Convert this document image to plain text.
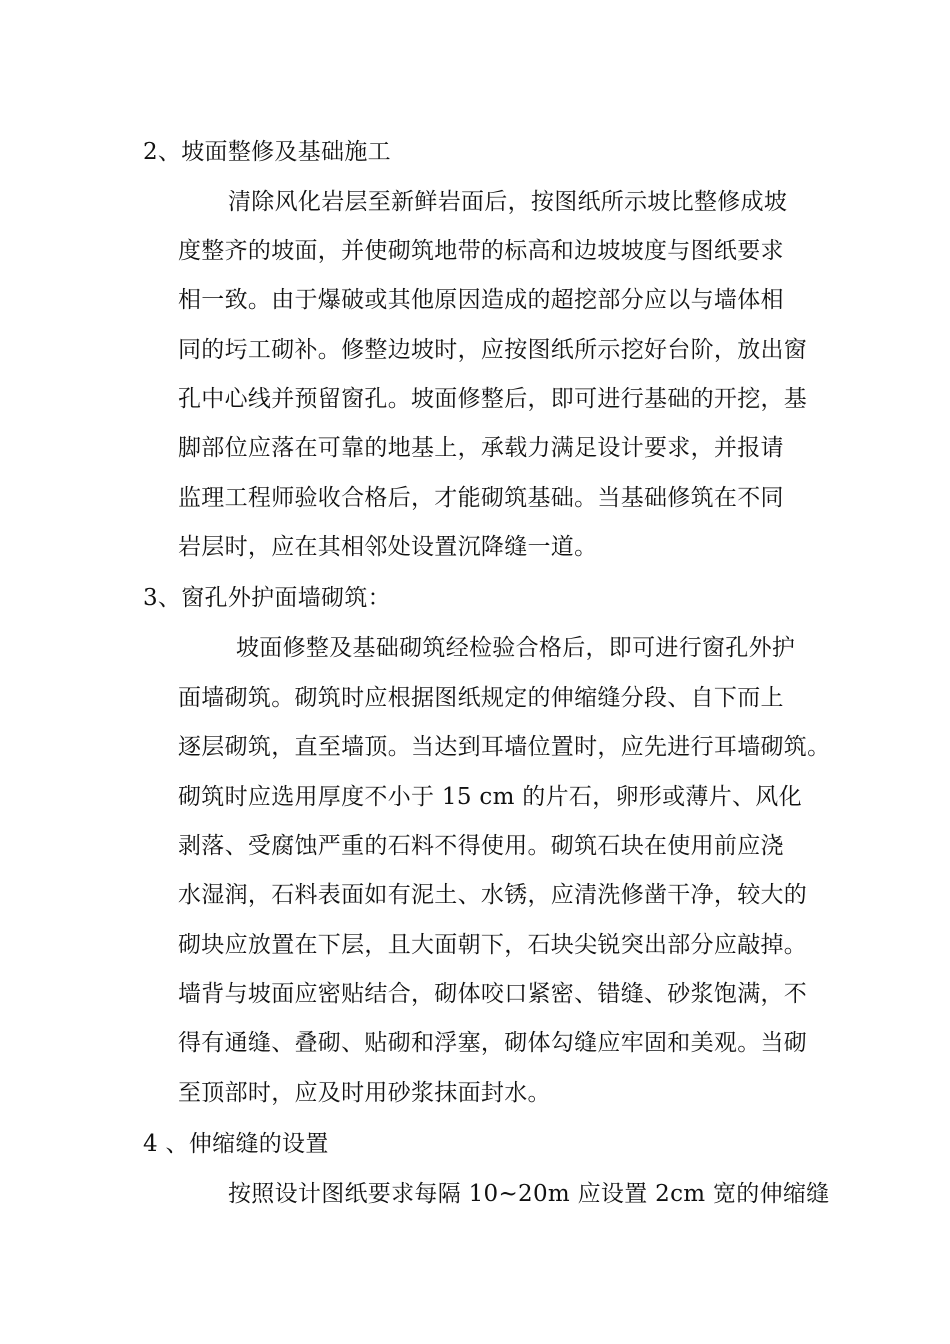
2、坡面整修及基础施工
清除风化岩层至新鲜岩面后，按图纸所示坡比整修成坡
度整齐的坡面，并使砌筑地带的标高和边坡坡度与图纸要求
相一致。由于爆破或其他原因造成的超挖部分应以与墙体相
同的圬工砌补。修整边坡时，应按图纸所示挖好台阶，放出窗
孔中心线并预留窗孔。坡面修整后，即可进行基础的开挖，基
脚部位应落在可靠的地基上，承载力满足设计要求，并报请
监理工程师验收合格后，才能砌筑基础。当基础修筑在不同
岩层时，应在其相邻处设置沉降缝一道。
3、窗孔外护面墙砌筑：
坡面修整及基础砌筑经检验合格后，即可进行窗孔外护
面墙砌筑。砌筑时应根据图纸规定的伸缩缝分段、自下而上
逐层砌筑，直至墙顶。当达到耳墙位置时，应先进行耳墙砌筑。
砌筑时应选用厚度不小于 15 cm 的片石，卵形或薄片、风化
剥落、受腐蚀严重的石料不得使用。砌筑石块在使用前应浇
水湿润，石料表面如有泥土、水锈，应清洗修凿干净，较大的
砌块应放置在下层，且大面朝下，石块尖锐突出部分应敲掉。
墙背与坡面应密贴结合，砌体咬口紧密、错缝、砂浆饱满，不
得有通缝、叠砌、贴砌和浮塞，砌体勾缝应牢固和美观。当砌
至顶部时，应及时用砂浆抹面封水。
4 、伸缩缝的设置
按照设计图纸要求每隔 10~20m 应设置 2cm 宽的伸缩缝
